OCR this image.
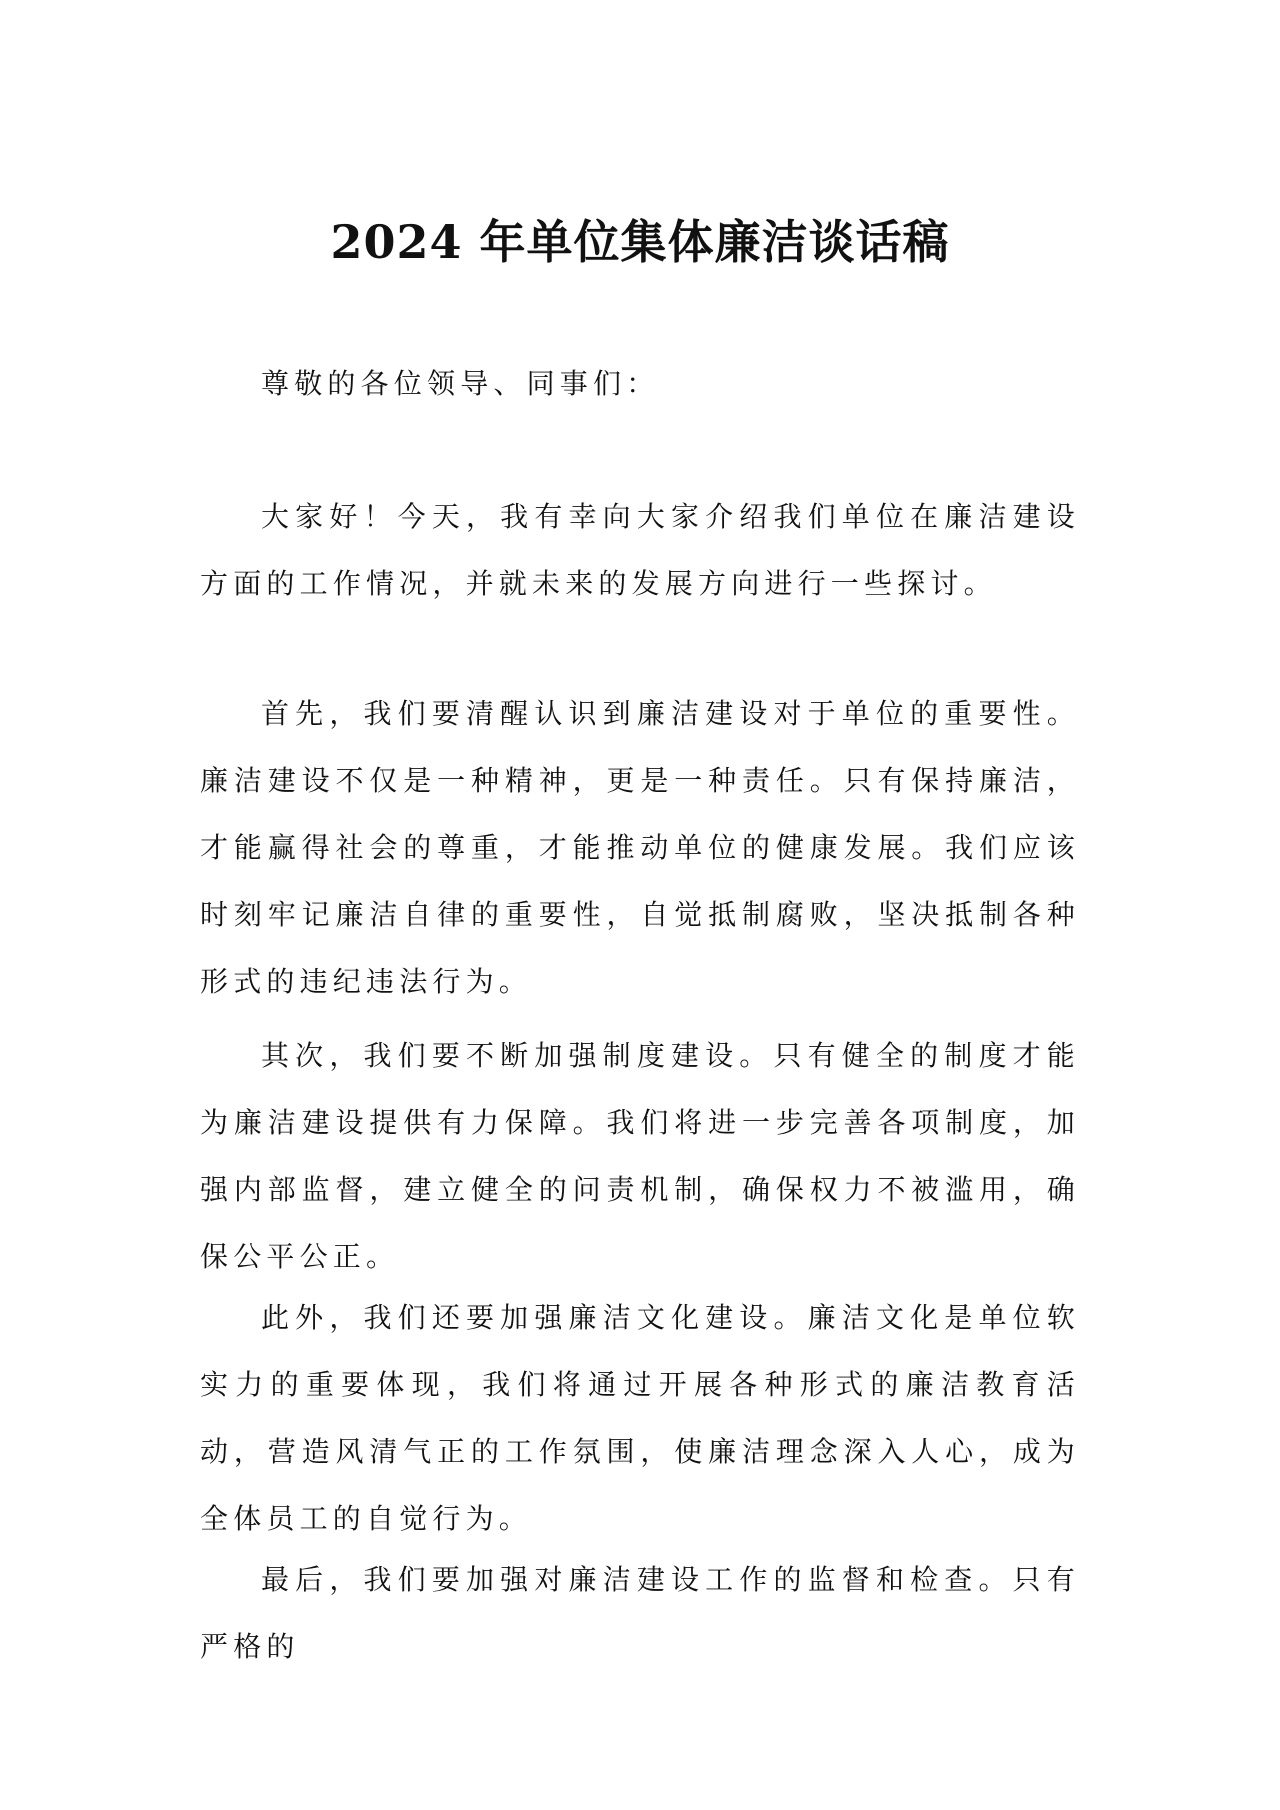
2024 年单位集体廉洁谈话稿

尊敬的各位领导、同事们：

大家好！今天，我有幸向大家介绍我们单位在廉洁建设方面的工作情况，并就未来的发展方向进行一些探讨。

首先，我们要清醒认识到廉洁建设对于单位的重要性。廉洁建设不仅是一种精神，更是一种责任。只有保持廉洁，才能赢得社会的尊重，才能推动单位的健康发展。我们应该时刻牢记廉洁自律的重要性，自觉抵制腐败，坚决抵制各种形式的违纪违法行为。

其次，我们要不断加强制度建设。只有健全的制度才能为廉洁建设提供有力保障。我们将进一步完善各项制度，加强内部监督，建立健全的问责机制，确保权力不被滥用，确保公平公正。

此外，我们还要加强廉洁文化建设。廉洁文化是单位软实力的重要体现，我们将通过开展各种形式的廉洁教育活动，营造风清气正的工作氛围，使廉洁理念深入人心，成为全体员工的自觉行为。

最后，我们要加强对廉洁建设工作的监督和检查。只有严格的
